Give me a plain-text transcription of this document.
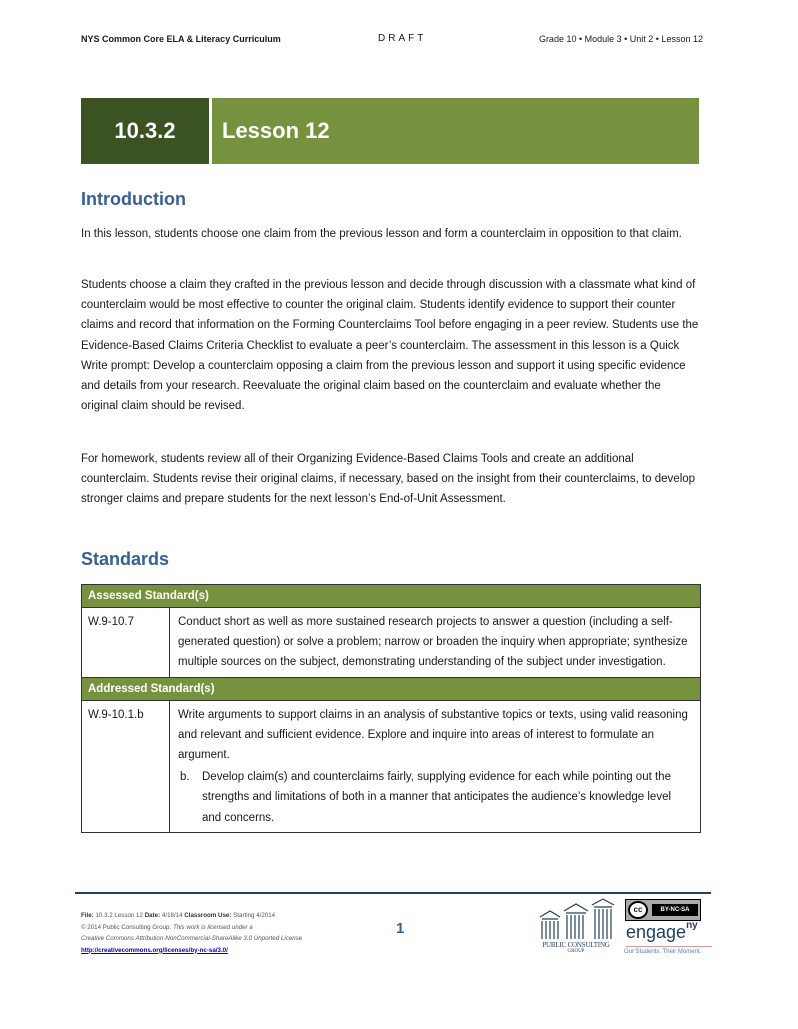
NYS Common Core ELA & Literacy Curriculum	DRAFT	Grade 10 • Module 3 • Unit 2 • Lesson 12
10.3.2	Lesson 12
Introduction

In this lesson, students choose one claim from the previous lesson and form a counterclaim in opposition to that claim.

Students choose a claim they crafted in the previous lesson and decide through discussion with a classmate what kind of counterclaim would be most effective to counter the original claim. Students identify evidence to support their counter claims and record that information on the Forming Counterclaims Tool before engaging in a peer review. Students use the Evidence-Based Claims Criteria Checklist to evaluate a peer’s counterclaim. The assessment in this lesson is a Quick Write prompt: Develop a counterclaim opposing a claim from the previous lesson and support it using specific evidence and details from your research. Reevaluate the original claim based on the counterclaim and evaluate whether the original claim should be revised.

For homework, students review all of their Organizing Evidence-Based Claims Tools and create an additional counterclaim. Students revise their original claims, if necessary, based on the insight from their counterclaims, to develop stronger claims and prepare students for the next lesson’s End-of-Unit Assessment.

Standards
Assessed Standard(s)	
W.9-10.7	Conduct short as well as more sustained research projects to answer a question (including a self-generated question) or solve a problem; narrow or broaden the inquiry when appropriate; synthesize multiple sources on the subject, demonstrating understanding of the subject under investigation.
Addressed Standard(s)	
W.9-10.1.b	Write arguments to support claims in an analysis of substantive topics or texts, using valid reasoning and relevant and sufficient evidence. Explore and inquire into areas of interest to formulate an argument.
b. Develop claim(s) and counterclaims fairly, supplying evidence for each while pointing out the strengths and limitations of both in a manner that anticipates the audience’s knowledge level and concerns.
File: 10.3.2 Lesson 12 Date: 4/18/14 Classroom Use: Starting 4/2014
© 2014 Public Consulting Group. This work is licensed under a
Creative Commons Attribution-NonCommercial-ShareAlike 3.0 Unported License
http://creativecommons.org/licenses/by-nc-sa/3.0/
1
PUBLIC CONSULTING
GROUP
cc	BY-NC-SA
engage$^{ny}$
Our Students. Their Moment.
